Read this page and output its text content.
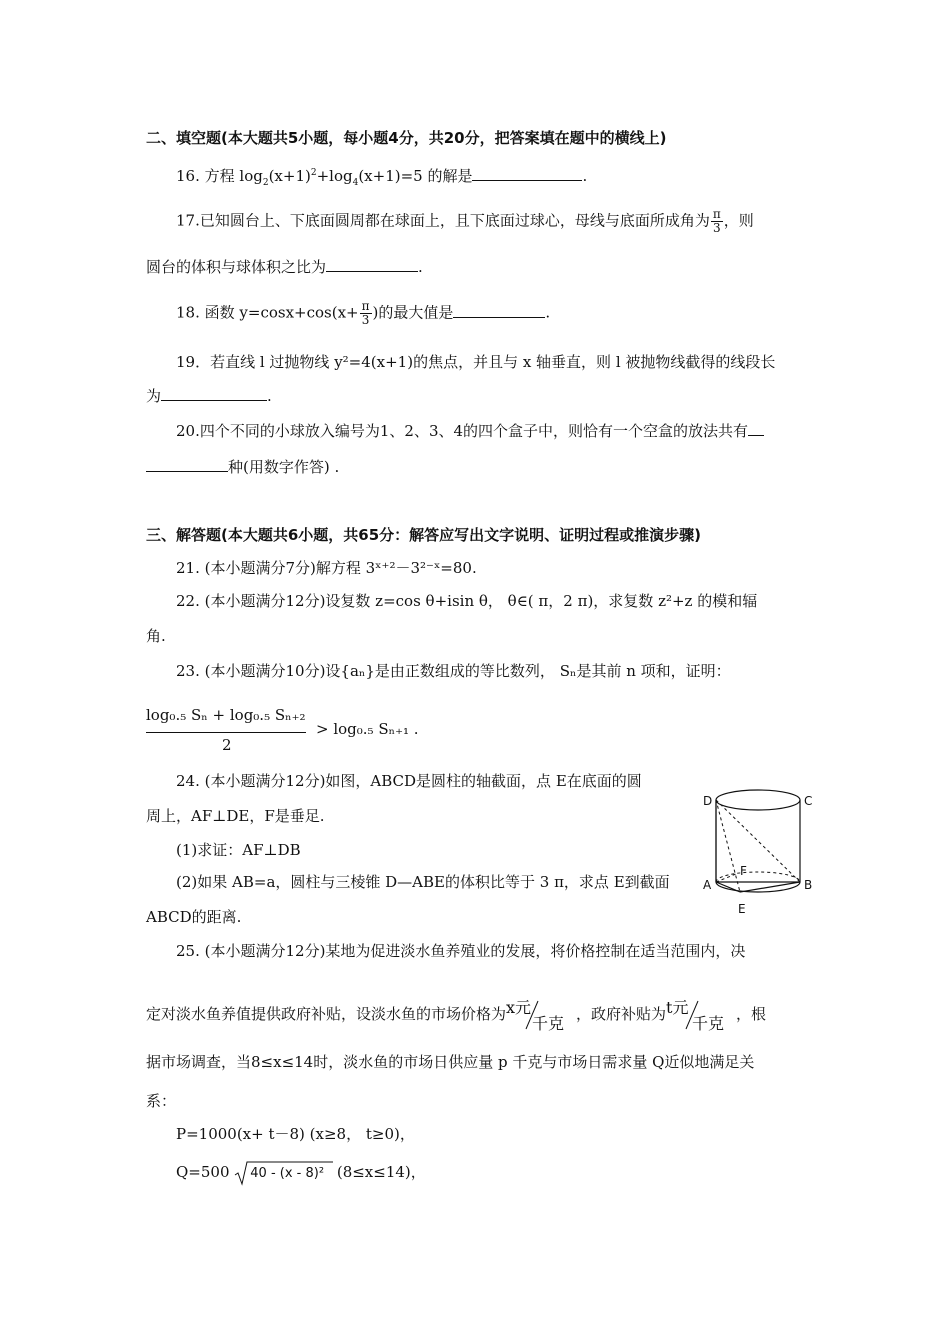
二、填空题(本大题共5小题，每小题4分，共20分，把答案填在题中的横线上)
16. 方程 $\log_2(x+1)^2+\log_4(x+1)=5$ 的解是	.
17.已知圆台上、下底面圆周都在球面上，且下底面过球心，母线与底面所成角为 $\frac{\pi}{3}$ ，则
圆台的体积与球体积之比为	.
18. 函数 $y=\cos x+\cos(x+ \frac{\pi}{3}$ )的最大值是	.
19．若直线 l 过抛物线 y²=4(x+1)的焦点，并且与 x 轴垂直，则 l 被抛物线截得的线段长
为	.
20.四个不同的小球放入编号为1、2、3、4的四个盒子中，则恰有一个空盒的放法共有
种(用数字作答) .
三、解答题(本大题共6小题，共65分：解答应写出文字说明、证明过程或推演步骤)
21. (本小题满分7分)解方程 3ˣ⁺²－3²⁻ˣ=80.
22. (本小题满分12分)设复数 z=cos θ+isin θ， θ∈( π，2 π)，求复数 z²+z 的模和辐
角.
23. (本小题满分10分)设{aₙ}是由正数组成的等比数列， Sₙ是其前 n 项和，证明：
log₀.₅ Sₙ + log₀.₅ Sₙ₊₂
2
> log₀.₅ Sₙ₊₁ .
24. (本小题满分12分)如图，ABCD是圆柱的轴截面，点 E在底面的圆
周上，AF⊥DE，F是垂足.
(1)求证：AF⊥DB
(2)如果 AB=a，圆柱与三棱锥 D—ABE的体积比等于 3 π，求点 E到截面
ABCD的距离.
D	C
A	B
F
E
25. (本小题满分12分)某地为促进淡水鱼养殖业的发展，将价格控制在适当范围内，决
定对淡水鱼养值提供政府补贴，设淡水鱼的市场价格为 x元
千克 ，政府补贴为 t元
千克 ，根
据市场调查，当8≤x≤14时，淡水鱼的市场日供应量 p 千克与市场日需求量 Q近似地满足关
系：
P=1000(x+ t－8) (x≥8， t≥0)，
Q=500 40 - (x - 8)² (8≤x≤14)，
